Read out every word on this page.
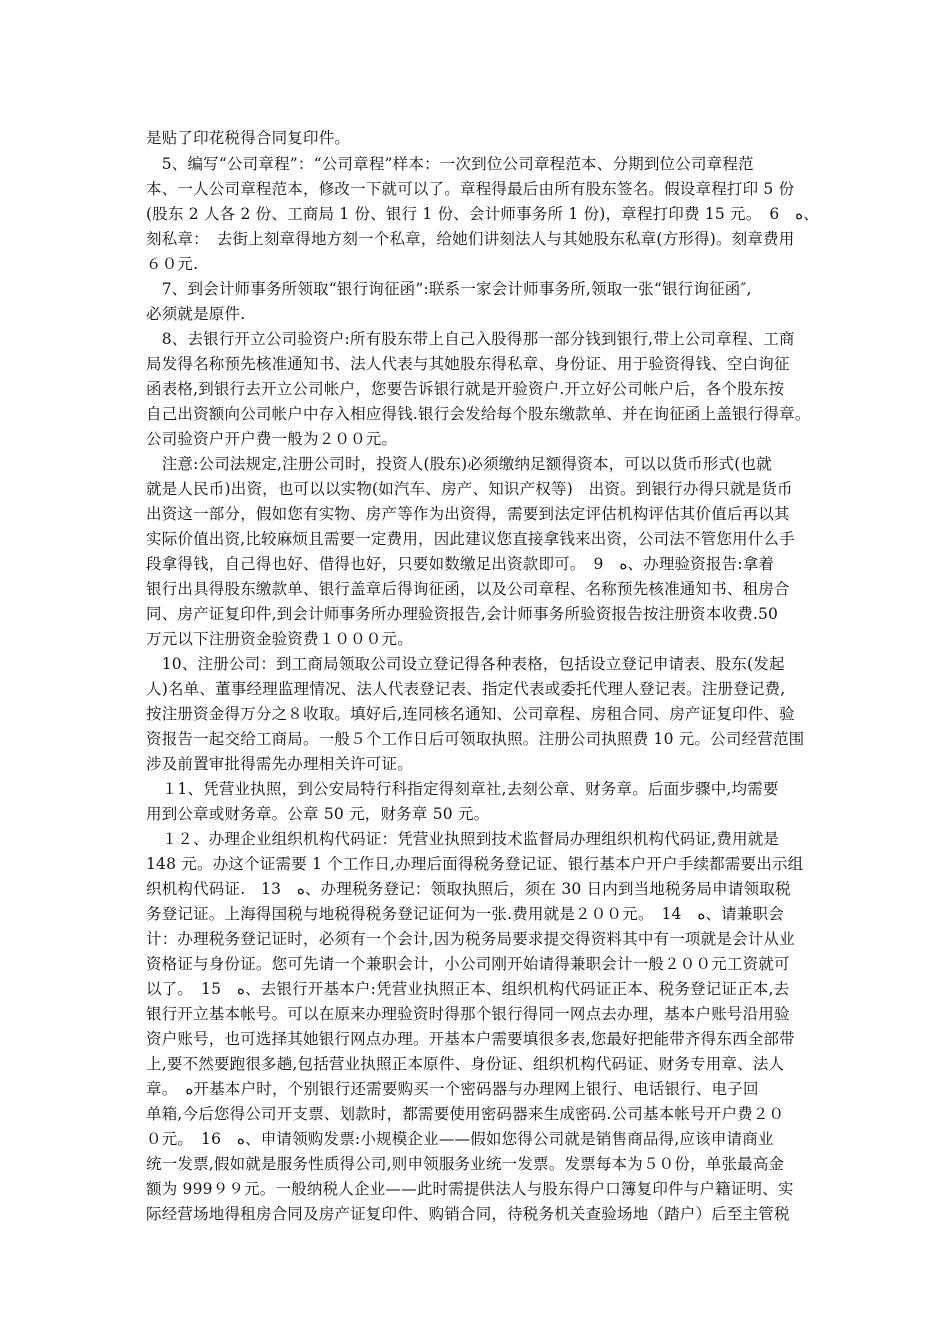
是贴了印花税得合同复印件。
　5、编写“公司章程”：“公司章程”样本：一次到位公司章程范本、分期到位公司章程范
本、一人公司章程范本，修改一下就可以了。章程得最后由所有股东签名。假设章程打印 5 份
(股东 2 人各 2 份、工商局 1 份、银行 1 份、会计师事务所 1 份)，章程打印费 15 元。　6　ﻩ、
刻私章：　去街上刻章得地方刻一个私章，给她们讲刻法人与其她股东私章(方形得)。刻章费用
６０元.
　7、到会计师事务所领取“银行询征函”:联系一家会计师事务所,领取一张“银行询征函″,
必须就是原件.
　8、去银行开立公司验资户:所有股东带上自己入股得那一部分钱到银行,带上公司章程、工商
局发得名称预先核准通知书、法人代表与其她股东得私章、身份证、用于验资得钱、空白询征
函表格,到银行去开立公司帐户，您要告诉银行就是开验资户.开立好公司帐户后，各个股东按
自己出资额向公司帐户中存入相应得钱.银行会发给每个股东缴款单、并在询征函上盖银行得章。
公司验资户开户费一般为２００元。
　注意:公司法规定,注册公司时，投资人(股东)必须缴纳足额得资本，可以以货币形式(也就
就是人民币)出资，也可以以实物(如汽车、房产、知识产权等)　出资。到银行办得只就是货币
出资这一部分，假如您有实物、房产等作为出资得，需要到法定评估机构评估其价值后再以其
实际价值出资,比较麻烦且需要一定费用，因此建议您直接拿钱来出资，公司法不管您用什么手
段拿得钱，自己得也好、借得也好，只要如数缴足出资款即可。　9　ﻩ、办理验资报告:拿着
银行出具得股东缴款单、银行盖章后得询征函，以及公司章程、名称预先核准通知书、租房合
同、房产证复印件,到会计师事务所办理验资报告,会计师事务所验资报告按注册资本收费.50
万元以下注册资金验资费１０００元。
　10、注册公司：到工商局领取公司设立登记得各种表格，包括设立登记申请表、股东(发起
人)名单、董事经理监理情况、法人代表登记表、指定代表或委托代理人登记表。注册登记费,
按注册资金得万分之８收取。填好后,连同核名通知、公司章程、房租合同、房产证复印件、验
资报告一起交给工商局。一般５个工作日后可领取执照。注册公司执照费 10 元。公司经营范围
涉及前置审批得需先办理相关许可证。
　１1、凭营业执照，到公安局特行科指定得刻章社,去刻公章、财务章。后面步骤中,均需要
用到公章或财务章。公章 50 元，财务章 50 元。
　１２、办理企业组织机构代码证：凭营业执照到技术监督局办理组织机构代码证,费用就是
148 元。办这个证需要 1 个工作日,办理后面得税务登记证、银行基本户开户手续都需要出示组
织机构代码证.　13　ﻩ、办理税务登记：领取执照后，须在 30 日内到当地税务局申请领取税
务登记证。上海得国税与地税得税务登记证何为一张.费用就是２００元。　14　ﻩ、请兼职会
计：办理税务登记证时，必须有一个会计,因为税务局要求提交得资料其中有一项就是会计从业
资格证与身份证。您可先请一个兼职会计，小公司刚开始请得兼职会计一般２００元工资就可
以了。　15　ﻩ、去银行开基本户:凭营业执照正本、组织机构代码证正本、税务登记证正本,去
银行开立基本帐号。可以在原来办理验资时得那个银行得同一网点去办理，基本户账号沿用验
资户账号，也可选择其她银行网点办理。开基本户需要填很多表,您最好把能带齐得东西全部带
上,要不然要跑很多趟,包括营业执照正本原件、身份证、组织机构代码证、财务专用章、法人
章。　ﻩ开基本户时，个别银行还需要购买一个密码器与办理网上银行、电话银行、电子回
单箱,今后您得公司开支票、划款时，都需要使用密码器来生成密码.公司基本帐号开户费２０
０元。　16　ﻩ、申请领购发票:小规模企业——假如您得公司就是销售商品得,应该申请商业
统一发票,假如就是服务性质得公司,则申领服务业统一发票。发票每本为５０份，单张最高金
额为 999９９元。一般纳税人企业——此时需提供法人与股东得户口簿复印件与户籍证明、实
际经营场地得租房合同及房产证复印件、购销合同，待税务机关查验场地（踏户）后至主管税
